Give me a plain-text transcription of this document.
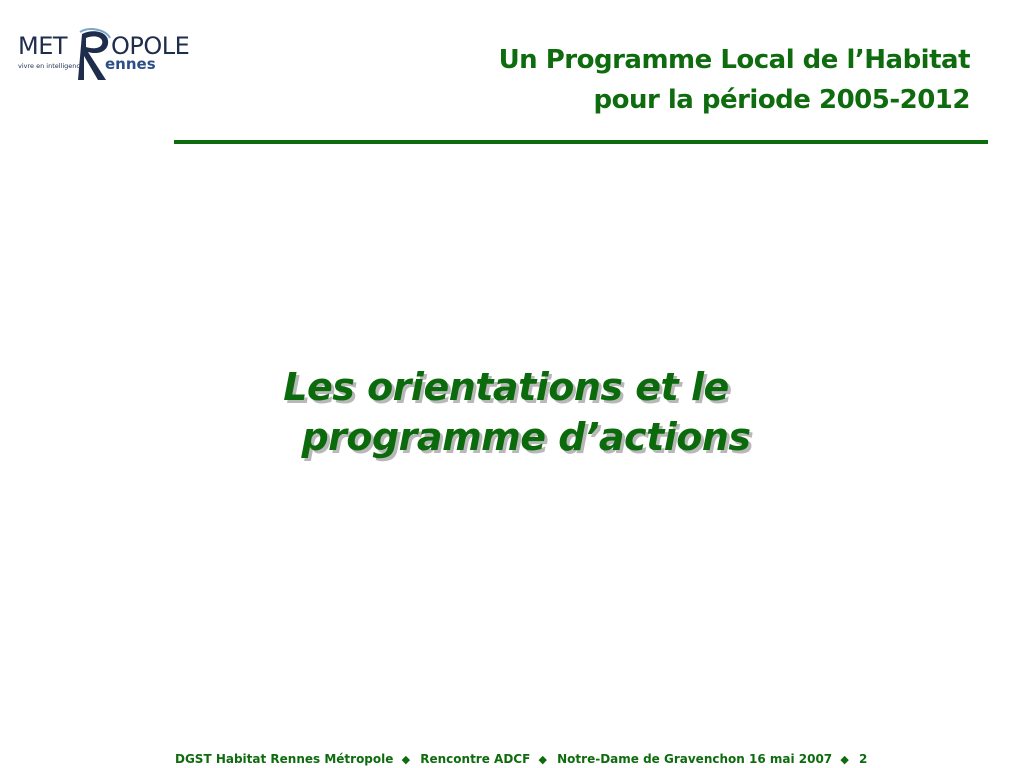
MET OPOLE
vivre en intelligence ennes	Un Programme Local de l’Habitat
pour la période 2005-2012
Les orientations et le
programme d’actions
DGST Habitat Rennes Métropole ◆ Rencontre ADCF ◆ Notre-Dame de Gravenchon 16 mai 2007 ◆ 2
